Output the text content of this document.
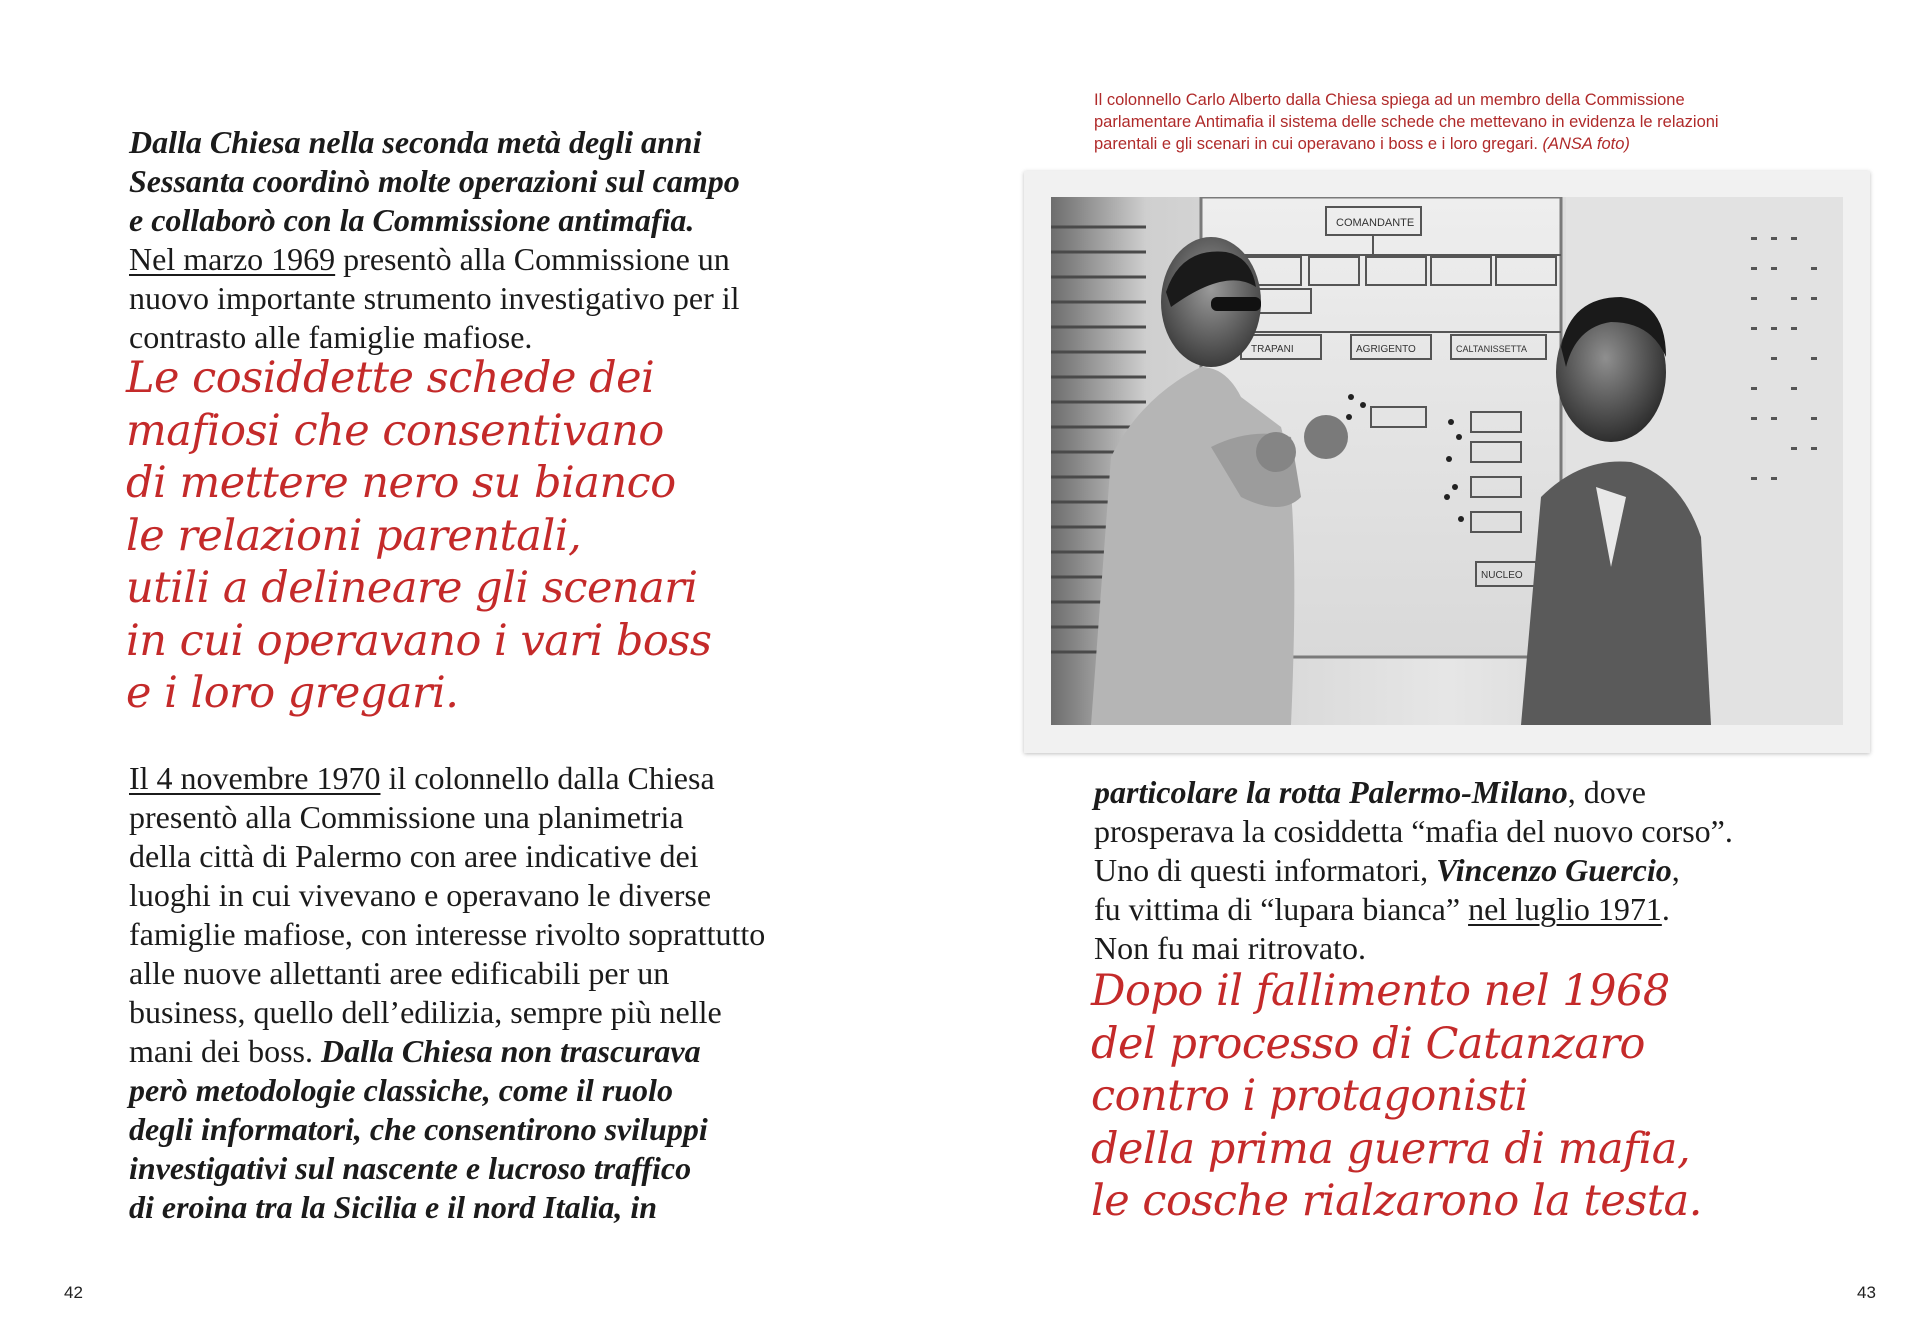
Dalla Chiesa nella seconda metà degli anni
Sessanta coordinò molte operazioni sul campo
e collaborò con la Commissione antimafia.
Nel marzo 1969 presentò alla Commissione un
nuovo importante strumento investigativo per il
contrasto alle famiglie mafiose.
Le cosiddette schede dei
mafiosi che consentivano
di mettere nero su bianco
le relazioni parentali,
utili a delineare gli scenari
in cui operavano i vari boss
e i loro gregari.
Il 4 novembre 1970 il colonnello dalla Chiesa
presentò alla Commissione una planimetria
della città di Palermo con aree indicative dei
luoghi in cui vivevano e operavano le diverse
famiglie mafiose, con interesse rivolto soprattutto
alle nuove allettanti aree edificabili per un
business, quello dell’edilizia, sempre più nelle
mani dei boss. Dalla Chiesa non trascurava
però metodologie classiche, come il ruolo
degli informatori, che consentirono sviluppi
investigativi sul nascente e lucroso traffico
di eroina tra la Sicilia e il nord Italia, in
42
Il colonnello Carlo Alberto dalla Chiesa spiega ad un membro della Commissione
parlamentare Antimafia il sistema delle schede che mettevano in evidenza le relazioni
parentali e gli scenari in cui operavano i boss e i loro gregari. (ANSA foto)
particolare la rotta Palermo-Milano, dove
prosperava la cosiddetta “mafia del nuovo corso”.
Uno di questi informatori, Vincenzo Guercio,
fu vittima di “lupara bianca” nel luglio 1971.
Non fu mai ritrovato.
Dopo il fallimento nel 1968
del processo di Catanzaro
contro i protagonisti
della prima guerra di mafia,
le cosche rialzarono la testa.
43
COMANDANTE
TRAPANI	AGRIGENTO	CALTANISSETTA
NUCLEO
